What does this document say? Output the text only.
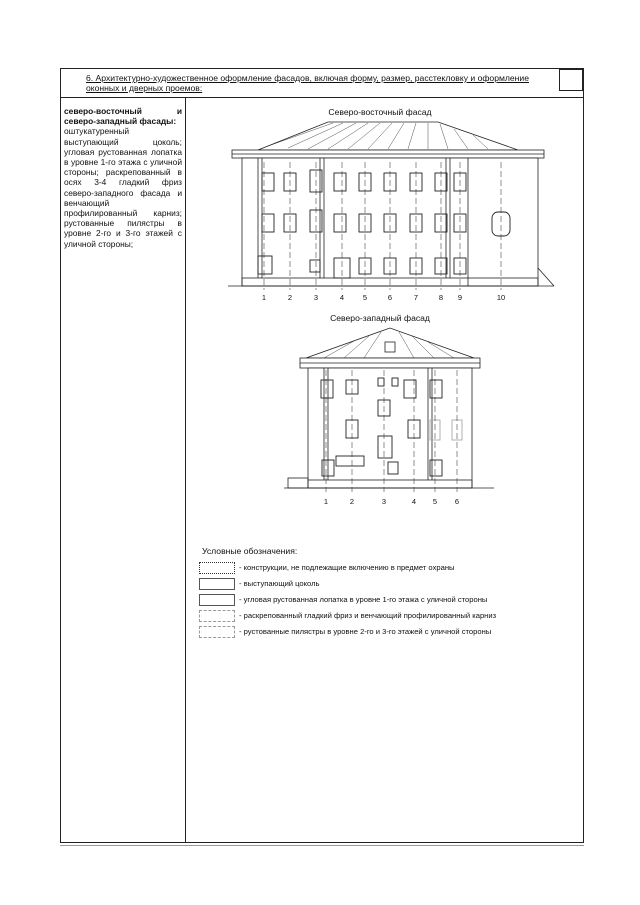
6. Архитектурно-художественное оформление фасадов, включая форму, размер, расстекловку и оформление оконных и дверных проемов:
северо-восточный и северо-западный фасады:
оштукатуренный выступающий цоколь; угловая рустованная лопатка в уровне 1-го этажа с уличной стороны; раскрепованный в осях 3-4 гладкий фриз северо-западного фасада и венчающий профилированный карниз; рустованные пилястры в уровне 2-го и 3-го этажей с уличной стороны;
Северо-восточный фасад
1	2	3	4	5	6	7	8 9	10
Северо-западный фасад
1	2	3	4 5 6
Условные обозначения:
- конструкции, не подлежащие включению в предмет охраны
- выступающий цоколь
- угловая рустованная лопатка в уровне 1-го этажа с уличной стороны
- раскрепованный гладкий фриз и венчающий профилированный карниз
- рустованные пилястры в уровне 2-го и 3-го этажей с уличной стороны
